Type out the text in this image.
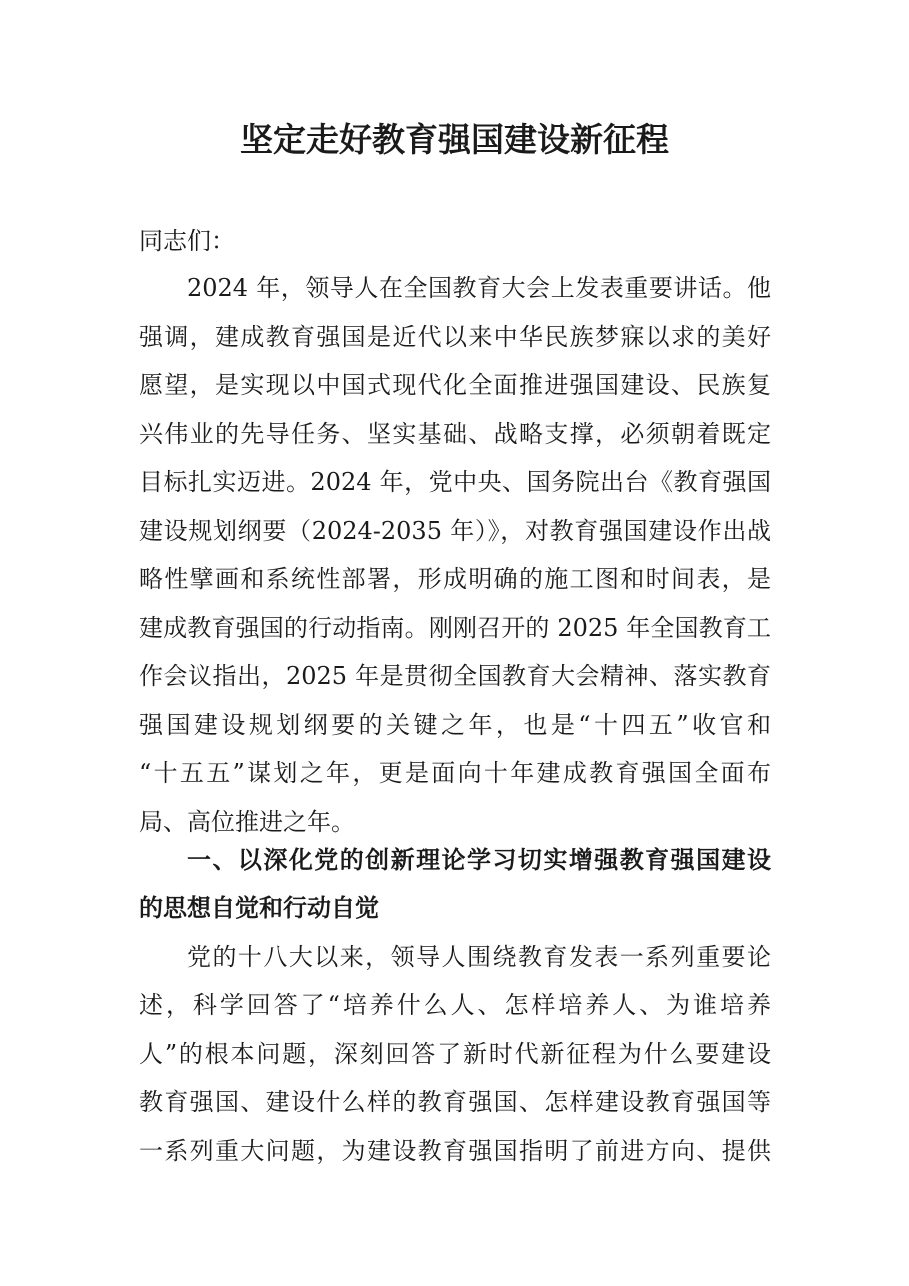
坚定走好教育强国建设新征程
同志们：
2024 年，领导人在全国教育大会上发表重要讲话。他
强调，建成教育强国是近代以来中华民族梦寐以求的美好
愿望，是实现以中国式现代化全面推进强国建设、民族复
兴伟业的先导任务、坚实基础、战略支撑，必须朝着既定
目标扎实迈进。2024 年，党中央、国务院出台《教育强国
建设规划纲要（2024-2035 年）》，对教育强国建设作出战
略性擘画和系统性部署，形成明确的施工图和时间表，是
建成教育强国的行动指南。刚刚召开的 2025 年全国教育工
作会议指出，2025 年是贯彻全国教育大会精神、落实教育
强国建设规划纲要的关键之年，也是“十四五”收官和
“十五五”谋划之年，更是面向十年建成教育强国全面布
局、高位推进之年。
一、以深化党的创新理论学习切实增强教育强国建设
的思想自觉和行动自觉
党的十八大以来，领导人围绕教育发表一系列重要论
述，科学回答了“培养什么人、怎样培养人、为谁培养
人”的根本问题，深刻回答了新时代新征程为什么要建设
教育强国、建设什么样的教育强国、怎样建设教育强国等
一系列重大问题，为建设教育强国指明了前进方向、提供
